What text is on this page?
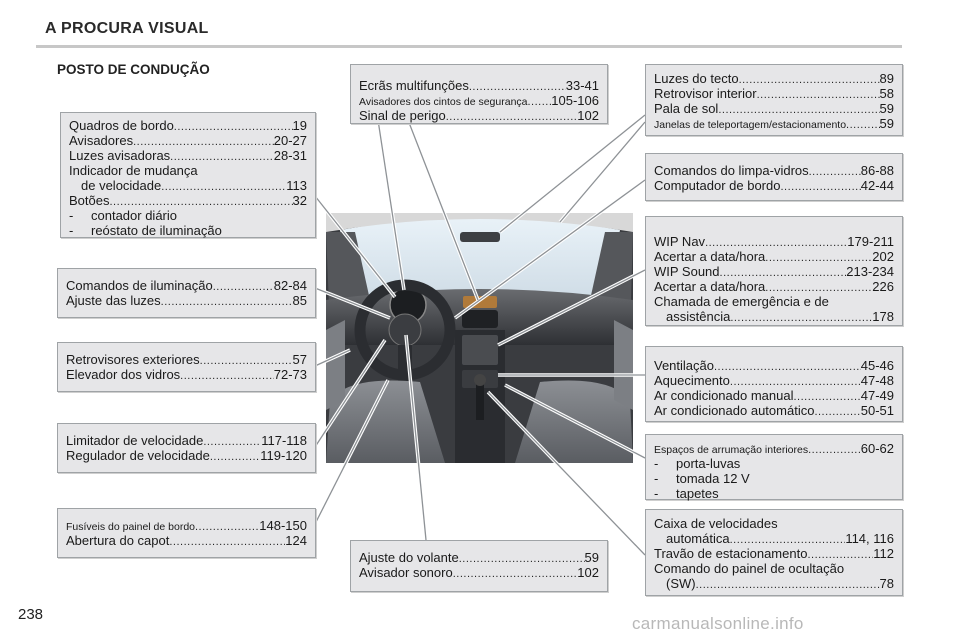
A PROCURA VISUAL
POSTO DE CONDUÇÃO
Quadros de bordo .....	19
Avisadores .....	20-27
Luzes avisadoras .....	28-31
Indicador de mudança
de velocidade .....	113
Botões .....	32
- contador diário
- reóstato de iluminação
Comandos de iluminação .....	82-84
Ajuste das luzes .....	85
Retrovisores exteriores .....	57
Elevador dos vidros .....	72-73
Limitador de velocidade .....	117-118
Regulador de velocidade .....	119-120
Fusíveis do painel de bordo .....	148-150
Abertura do capot .....	124
Ecrãs multifunções .....	33-41
Avisadores dos cintos de segurança ..... 105-106
Sinal de perigo .....	102
Ajuste do volante .....	59
Avisador sonoro .....	102
Luzes do tecto .....	89
Retrovisor interior .....	58
Pala de sol .....	59
Janelas de teleportagem/estacionamento .....	59
Comandos do limpa-vidros .....	86-88
Computador de bordo .....	42-44
WIP Nav .....	179-211
Acertar a data/hora .....	202
WIP Sound .....	213-234
Acertar a data/hora .....	226
Chamada de emergência e de
assistência .....	178
Ventilação .....	45-46
Aquecimento .....	47-48
Ar condicionado manual .....	47-49
Ar condicionado automático .....	50-51
Espaços de arrumação interiores .....	60-62
- porta-luvas
- tomada 12 V
- tapetes
Caixa de velocidades
automática .....	114, 116
Travão de estacionamento .....	112
Comando do painel de ocultação
(SW) .....	78
238	carmanualsonline.info
